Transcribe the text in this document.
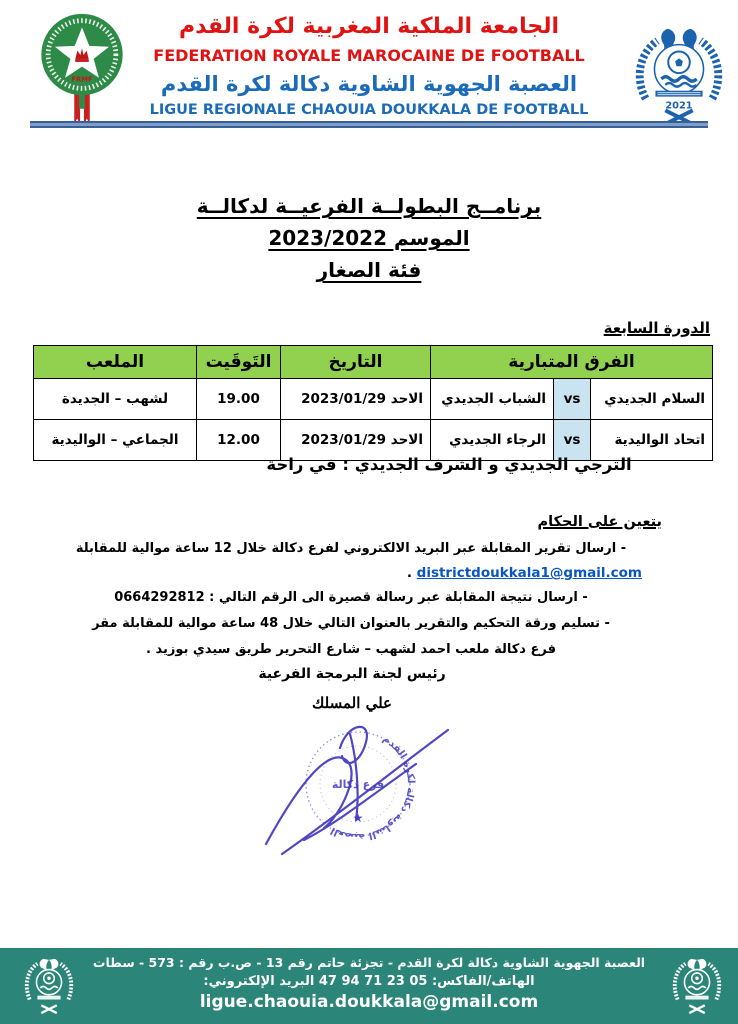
FRMF
2021
الجامعة الملكية المغربية لكرة القدم
FEDERATION ROYALE MAROCAINE DE FOOTBALL
العصبة الجهوية الشاوية دكالة لكرة القدم
LIGUE REGIONALE CHAOUIA DOUKKALA DE FOOTBALL
برنامــج البطولــة الفرعيــة لدكالــة
الموسم 2023/2022
فئة الصغار
الدورة السابعة
الفرق المتبارية			التاريخ	التَوقَيت	الملعب
السلام الجديدي	vs	الشباب الجديدي	الاحد 2023/01/29	19.00	لشهب – الجديدة
اتحاد الواليدية	vs	الرجاء الجديدي	الاحد 2023/01/29	12.00	الجماعي – الواليدية
الترجي الجديدي و الشرف الجديدي : في راحة
يتعين على الحكام
- ارسال تقرير المقابلة عبر البريد الالكتروني لفرع دكالة خلال 12 ساعة موالية للمقابلة
districtdoukkala1@gmail.com .
- ارسال نتيجة المقابلة عبر رسالة قصيرة الى الرقم التالي : 0664292812
- تسليم ورقة التحكيم والتقرير بالعنوان التالي خلال 48 ساعة موالية للمقابلة مقر
فرع دكالة ملعب احمد لشهب – شارع التحرير طريق سيدي بوزيد .
رئيس لجنة البرمجة الفرعية
علي المسلك
العصبة الشاوية دكالة لكرة القدم
فرع دكالة
★
العصبة الجهوية الشاوية دكالة لكرة القدم - تجزئة حاتم رقم 13 - ص.ب رقم : 573 - سطات
الهاتف/الفاكس: 47 94 71 23 05 البريد الإلكتروني:
ligue.chaouia.doukkala@gmail.com
